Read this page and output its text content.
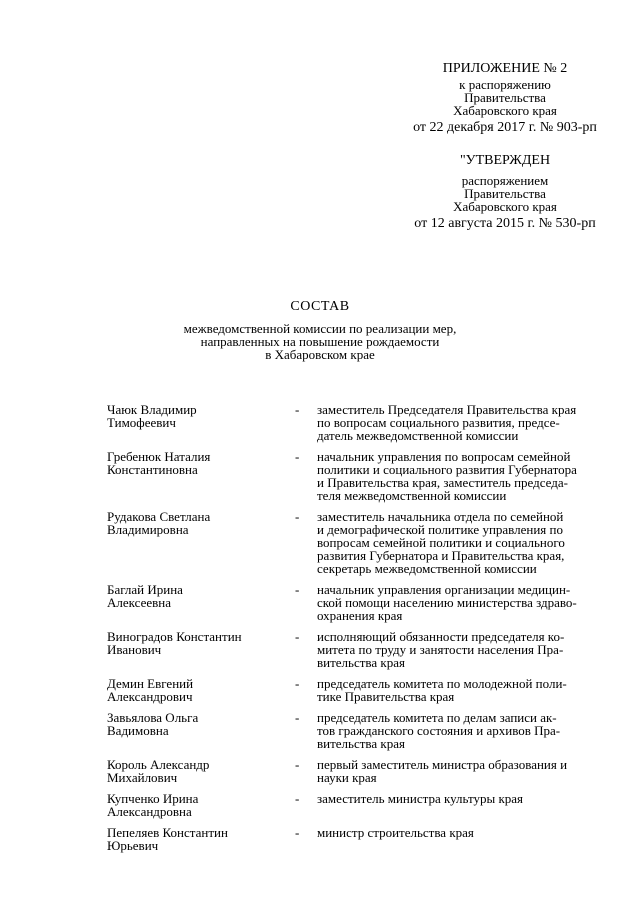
ПРИЛОЖЕНИЕ № 2
к распоряжению
Правительства
Хабаровского края
от 22 декабря 2017 г. № 903-рп
"УТВЕРЖДЕН
распоряжением
Правительства
Хабаровского края
от 12 августа 2015 г. № 530-рп
СОСТАВ
межведомственной комиссии по реализации мер,
направленных на повышение рождаемости
в Хабаровском крае
Чаюк Владимир
Тимофеевич
-	заместитель Председателя Правительства края
по вопросам социального развития, предсе-
датель межведомственной комиссии
Гребенюк Наталия
Константиновна
-	начальник управления по вопросам семейной
политики и социального развития Губернатора
и Правительства края, заместитель председа-
теля межведомственной комиссии
Рудакова Светлана
Владимировна
-	заместитель начальника отдела по семейной
и демографической политике управления по
вопросам семейной политики и социального
развития Губернатора и Правительства края,
секретарь межведомственной комиссии
Баглай Ирина
Алексеевна
-	начальник управления организации медицин-
ской помощи населению министерства здраво-
охранения края
Виноградов Константин
Иванович
-	исполняющий обязанности председателя ко-
митета по труду и занятости населения Пра-
вительства края
Демин Евгений
Александрович
-	председатель комитета по молодежной поли-
тике Правительства края
Завьялова Ольга
Вадимовна
-	председатель комитета по делам записи ак-
тов гражданского состояния и архивов Пра-
вительства края
Король Александр
Михайлович
-	первый заместитель министра образования и
науки края
Купченко Ирина
Александровна
-	заместитель министра культуры края
Пепеляев Константин
Юрьевич
-	министр строительства края
